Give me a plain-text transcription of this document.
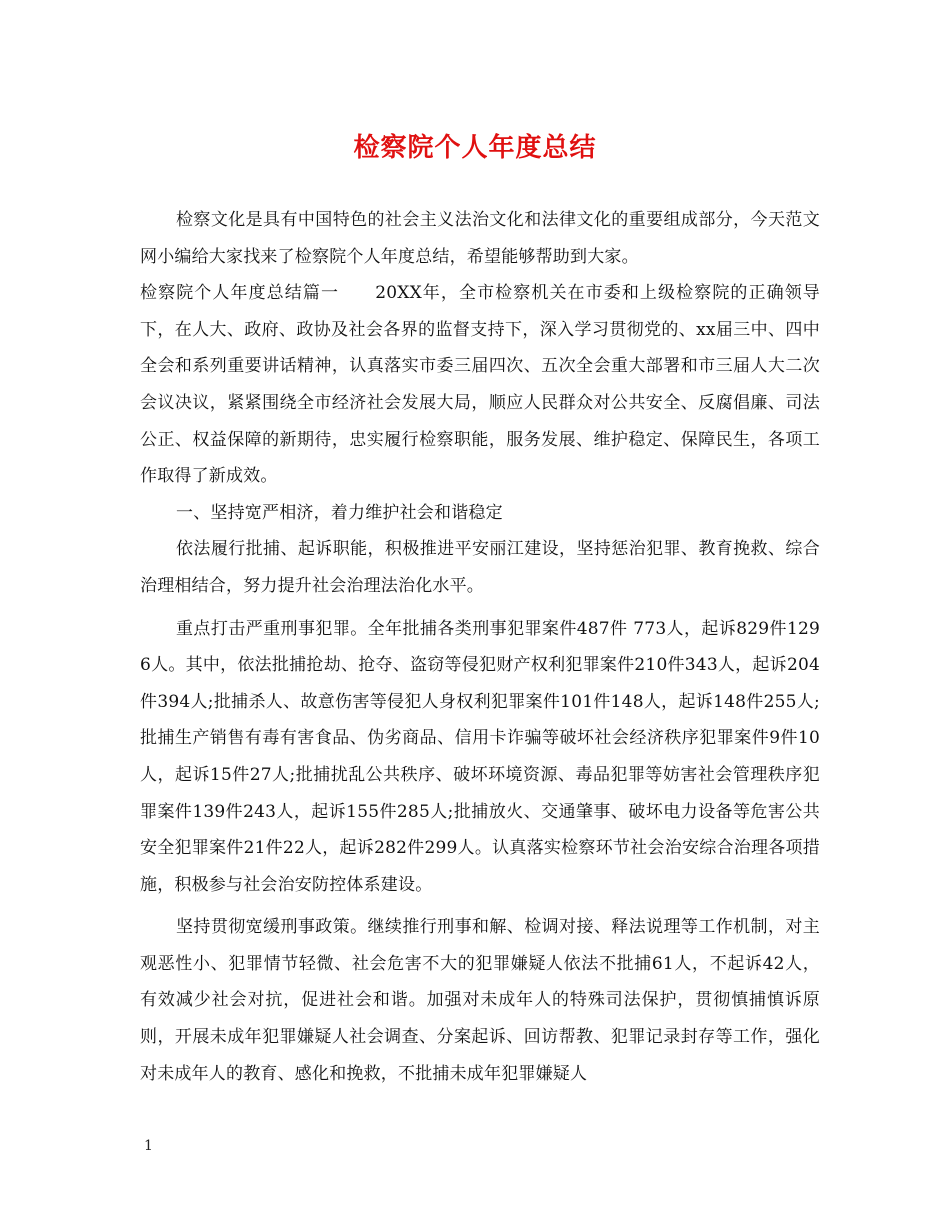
检察院个人年度总结

检察文化是具有中国特色的社会主义法治文化和法律文化的重要组成部分，今天范文网小编给大家找来了检察院个人年度总结，希望能够帮助到大家。

检察院个人年度总结篇一　　20XX年，全市检察机关在市委和上级检察院的正确领导下，在人大、政府、政协及社会各界的监督支持下，深入学习贯彻党的、xx届三中、四中全会和系列重要讲话精神，认真落实市委三届四次、五次全会重大部署和市三届人大二次会议决议，紧紧围绕全市经济社会发展大局，顺应人民群众对公共安全、反腐倡廉、司法公正、权益保障的新期待，忠实履行检察职能，服务发展、维护稳定、保障民生，各项工作取得了新成效。

一、坚持宽严相济，着力维护社会和谐稳定

依法履行批捕、起诉职能，积极推进平安丽江建设，坚持惩治犯罪、教育挽救、综合治理相结合，努力提升社会治理法治化水平。

重点打击严重刑事犯罪。全年批捕各类刑事犯罪案件487件 773人，起诉829件1296人。其中，依法批捕抢劫、抢夺、盗窃等侵犯财产权利犯罪案件210件343人，起诉204件394人;批捕杀人、故意伤害等侵犯人身权利犯罪案件101件148人，起诉148件255人;批捕生产销售有毒有害食品、伪劣商品、信用卡诈骗等破坏社会经济秩序犯罪案件9件10人，起诉15件27人;批捕扰乱公共秩序、破坏环境资源、毒品犯罪等妨害社会管理秩序犯罪案件139件243人，起诉155件285人;批捕放火、交通肇事、破坏电力设备等危害公共安全犯罪案件21件22人，起诉282件299人。认真落实检察环节社会治安综合治理各项措施，积极参与社会治安防控体系建设。

坚持贯彻宽缓刑事政策。继续推行刑事和解、检调对接、释法说理等工作机制，对主观恶性小、犯罪情节轻微、社会危害不大的犯罪嫌疑人依法不批捕61人，不起诉42人，有效减少社会对抗，促进社会和谐。加强对未成年人的特殊司法保护，贯彻慎捕慎诉原则，开展未成年犯罪嫌疑人社会调查、分案起诉、回访帮教、犯罪记录封存等工作，强化对未成年人的教育、感化和挽救，不批捕未成年犯罪嫌疑人

1
